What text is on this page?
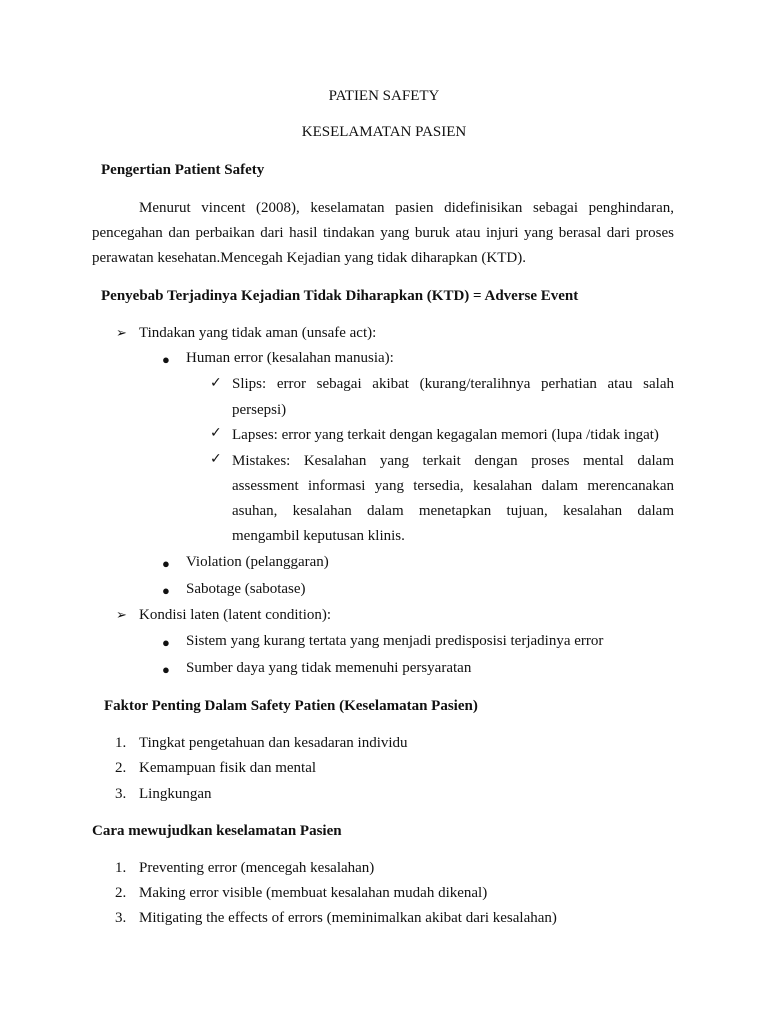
PATIEN SAFETY
KESELAMATAN PASIEN
Pengertian Patient Safety
Menurut vincent (2008), keselamatan pasien didefinisikan sebagai penghindaran,
pencegahan dan perbaikan dari hasil tindakan yang buruk atau injuri yang berasal dari proses
perawatan kesehatan.Mencegah Kejadian yang tidak diharapkan (KTD).
Penyebab Terjadinya Kejadian Tidak Diharapkan (KTD) = Adverse Event
➢ Tindakan yang tidak aman (unsafe act):
● Human error (kesalahan manusia):
✓ Slips: error sebagai akibat (kurang/teralihnya perhatian atau salah
persepsi)
✓ Lapses: error yang terkait dengan kegagalan memori (lupa /tidak ingat)
✓ Mistakes: Kesalahan yang terkait dengan proses mental dalam
assessment informasi yang tersedia, kesalahan dalam merencanakan
asuhan, kesalahan dalam menetapkan tujuan, kesalahan dalam
mengambil keputusan klinis.
● Violation (pelanggaran)
● Sabotage (sabotase)
➢ Kondisi laten (latent condition):
● Sistem yang kurang tertata yang menjadi predisposisi terjadinya error
● Sumber daya yang tidak memenuhi persyaratan
Faktor Penting Dalam Safety Patien (Keselamatan Pasien)
1. Tingkat pengetahuan dan kesadaran individu
2. Kemampuan fisik dan mental
3. Lingkungan
Cara mewujudkan keselamatan Pasien
1. Preventing error (mencegah kesalahan)
2. Making error visible (membuat kesalahan mudah dikenal)
3. Mitigating the effects of errors (meminimalkan akibat dari kesalahan)
